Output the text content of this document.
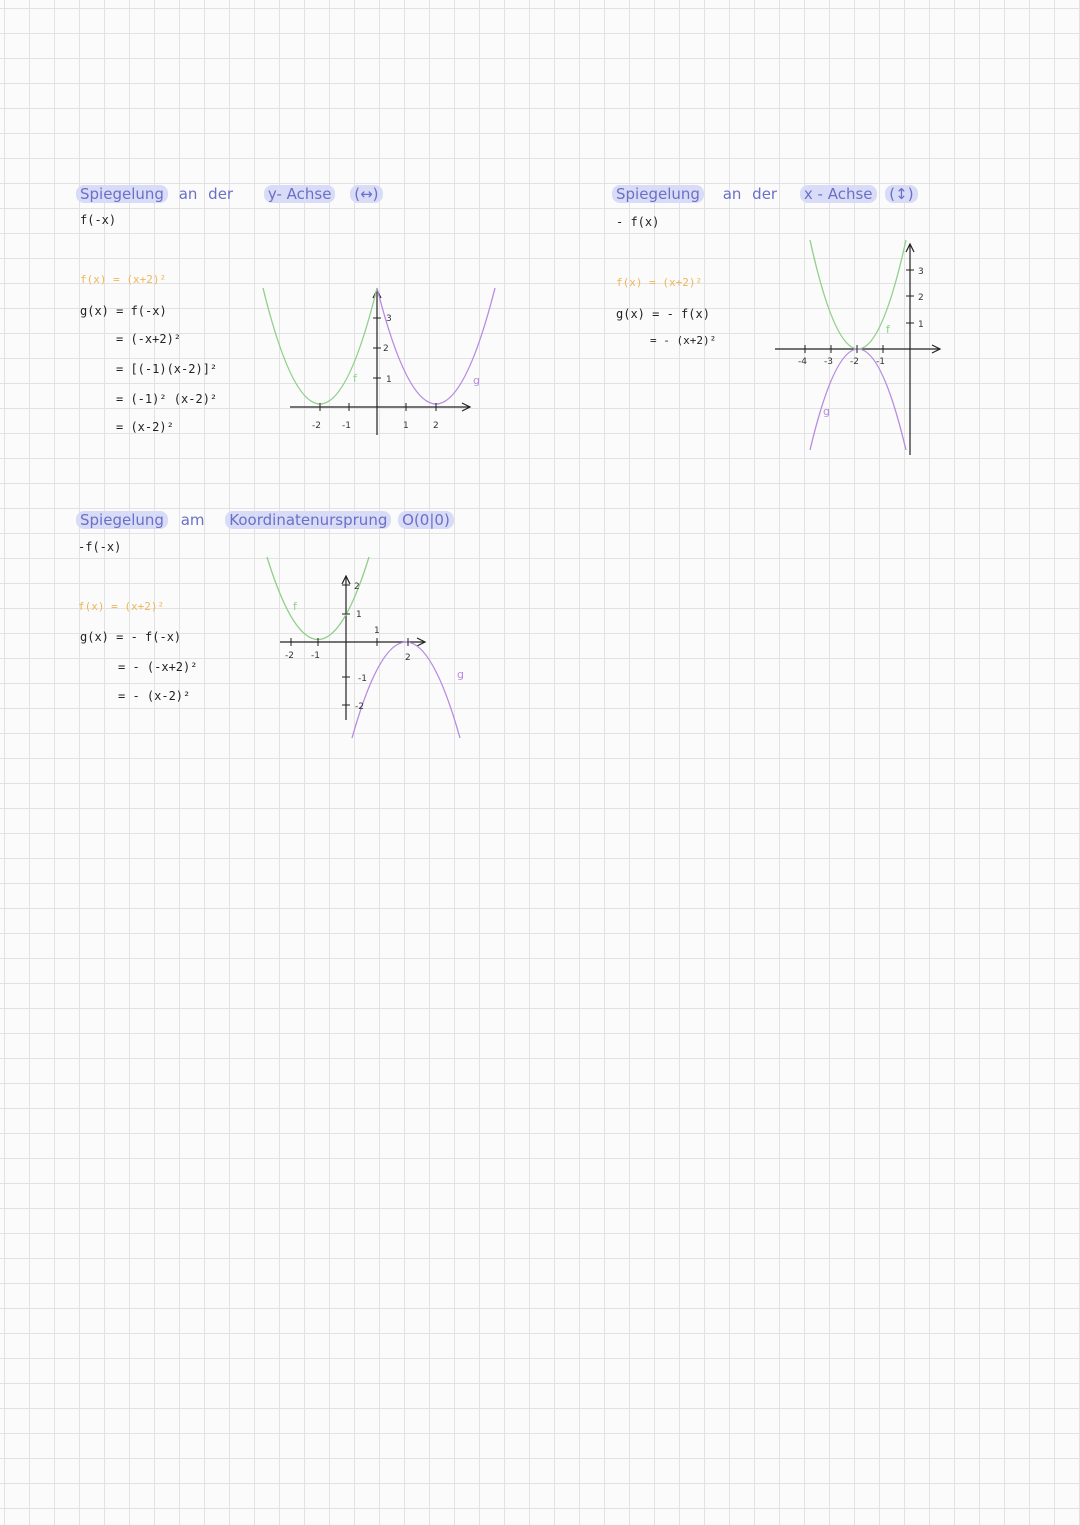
Spiegelung an der y- Achse (↔)
f(-x)
f(x) = (x+2)²
g(x) = f(-x)
= (-x+2)²
= [(-1)(x-2)]²
= (-1)² (x-2)²
= (x-2)²
Spiegelung an der x - Achse (↕)
- f(x)
f(x) = (x+2)²
g(x) = - f(x)
= - (x+2)²
Spiegelung am Koordinatenursprung O(0|0)
-f(-x)
f(x) = (x+2)²
g(x) = - f(-x)
= - (-x+2)²
= - (x-2)²
-2 -1	1	2
1
2
3
f	g
-4 -3 -2 -1
1
2
3
f
g
-2 -1
1
2
2
1
-1
-2
f
g
